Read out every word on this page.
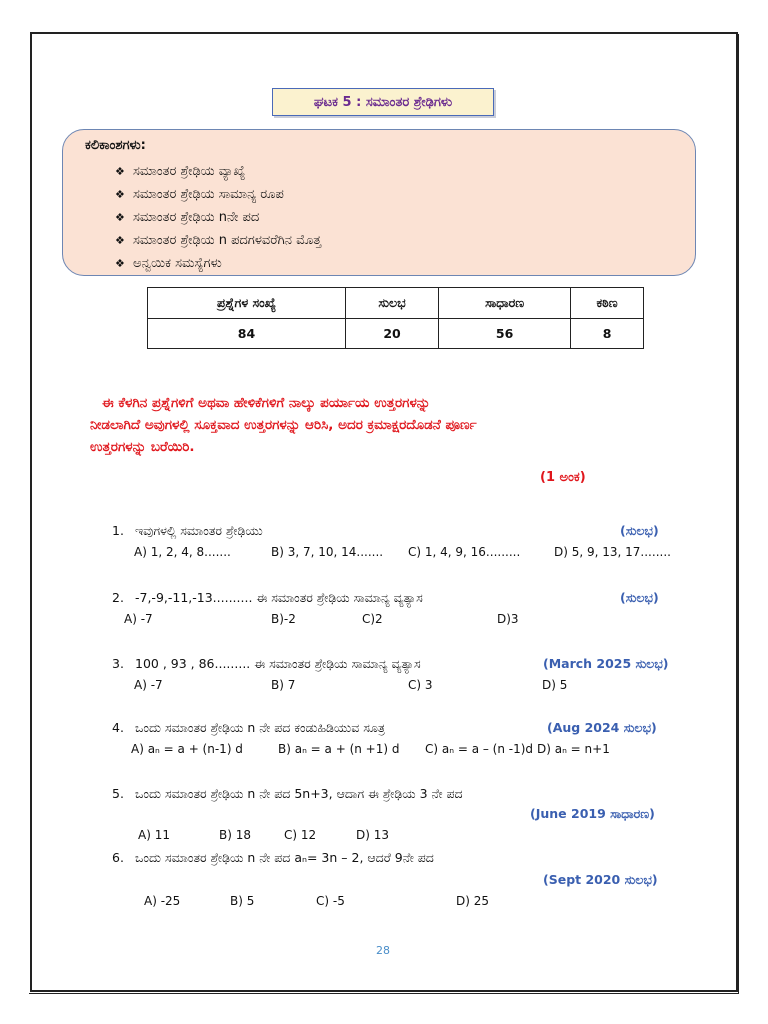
ಘಟಕ 5 : ಸಮಾಂತರ ಶ್ರೇಢಿಗಳು
ಕಲಿಕಾಂಶಗಳು:
❖ ಸಮಾಂತರ ಶ್ರೇಢಿಯ ವ್ಯಾಖ್ಯೆ
❖ ಸಮಾಂತರ ಶ್ರೇಢಿಯ ಸಾಮಾನ್ಯ ರೂಪ
❖ ಸಮಾಂತರ ಶ್ರೇಢಿಯ nನೇ ಪದ
❖ ಸಮಾಂತರ ಶ್ರೇಢಿಯ n ಪದಗಳವರೆಗಿನ ಮೊತ್ತ
❖ ಅನ್ವಯಿಕ ಸಮಸ್ಯೆಗಳು
ಪ್ರಶ್ನೆಗಳ ಸಂಖ್ಯೆ	ಸುಲಭ	ಸಾಧಾರಣ	ಕಠಿಣ
84	20	56	8
ಈ ಕೆಳಗಿನ ಪ್ರಶ್ನೆಗಳಿಗೆ ಅಥವಾ ಹೇಳಿಕೆಗಳಿಗೆ ನಾಲ್ಕು ಪರ್ಯಾಯ ಉತ್ತರಗಳನ್ನು
ನೀಡಲಾಗಿದೆ ಅವುಗಳಲ್ಲಿ ಸೂಕ್ತವಾದ ಉತ್ತರಗಳನ್ನು ಆರಿಸಿ, ಅದರ ಕ್ರಮಾಕ್ಷರದೊಡನೆ ಪೂರ್ಣ
ಉತ್ತರಗಳನ್ನು ಬರೆಯಿರಿ.
(1 ಅಂಕ)
1. ಇವುಗಳಲ್ಲಿ ಸಮಾಂತರ ಶ್ರೇಢಿಯು	(ಸುಲಭ)
A) 1, 2, 4, 8.......	B) 3, 7, 10, 14....... C) 1, 4, 9, 16.........	D) 5, 9, 13, 17........
2. -7,-9,-11,-13.......... ಈ ಸಮಾಂತರ ಶ್ರೇಢಿಯ ಸಾಮಾನ್ಯ ವ್ಯತ್ಯಾಸ	(ಸುಲಭ)
A) -7	B)-2	C)2	D)3
3. 100 , 93 , 86......... ಈ ಸಮಾಂತರ ಶ್ರೇಢಿಯ ಸಾಮಾನ್ಯ ವ್ಯತ್ಯಾಸ	(March 2025 ಸುಲಭ)
A) -7	B) 7	C) 3	D) 5
4. ಒಂದು ಸಮಾಂತರ ಶ್ರೇಢಿಯ n ನೇ ಪದ ಕಂಡುಹಿಡಿಯುವ ಸೂತ್ರ	(Aug 2024 ಸುಲಭ)
A) aₙ = a + (n-1) d	B) aₙ = a + (n +1) d C) aₙ = a – (n -1)d D) aₙ = n+1
5. ಒಂದು ಸಮಾಂತರ ಶ್ರೇಢಿಯ n ನೇ ಪದ 5n+3, ಆದಾಗ ಈ ಶ್ರೇಢಿಯ 3 ನೇ ಪದ
(June 2019 ಸಾಧಾರಣ)
A) 11	B) 18	C) 12	D) 13
6. ಒಂದು ಸಮಾಂತರ ಶ್ರೇಢಿಯ n ನೇ ಪದ aₙ= 3n – 2, ಆದರೆ 9ನೇ ಪದ
(Sept 2020 ಸುಲಭ)
A) -25	B) 5	C) -5	D) 25
28
